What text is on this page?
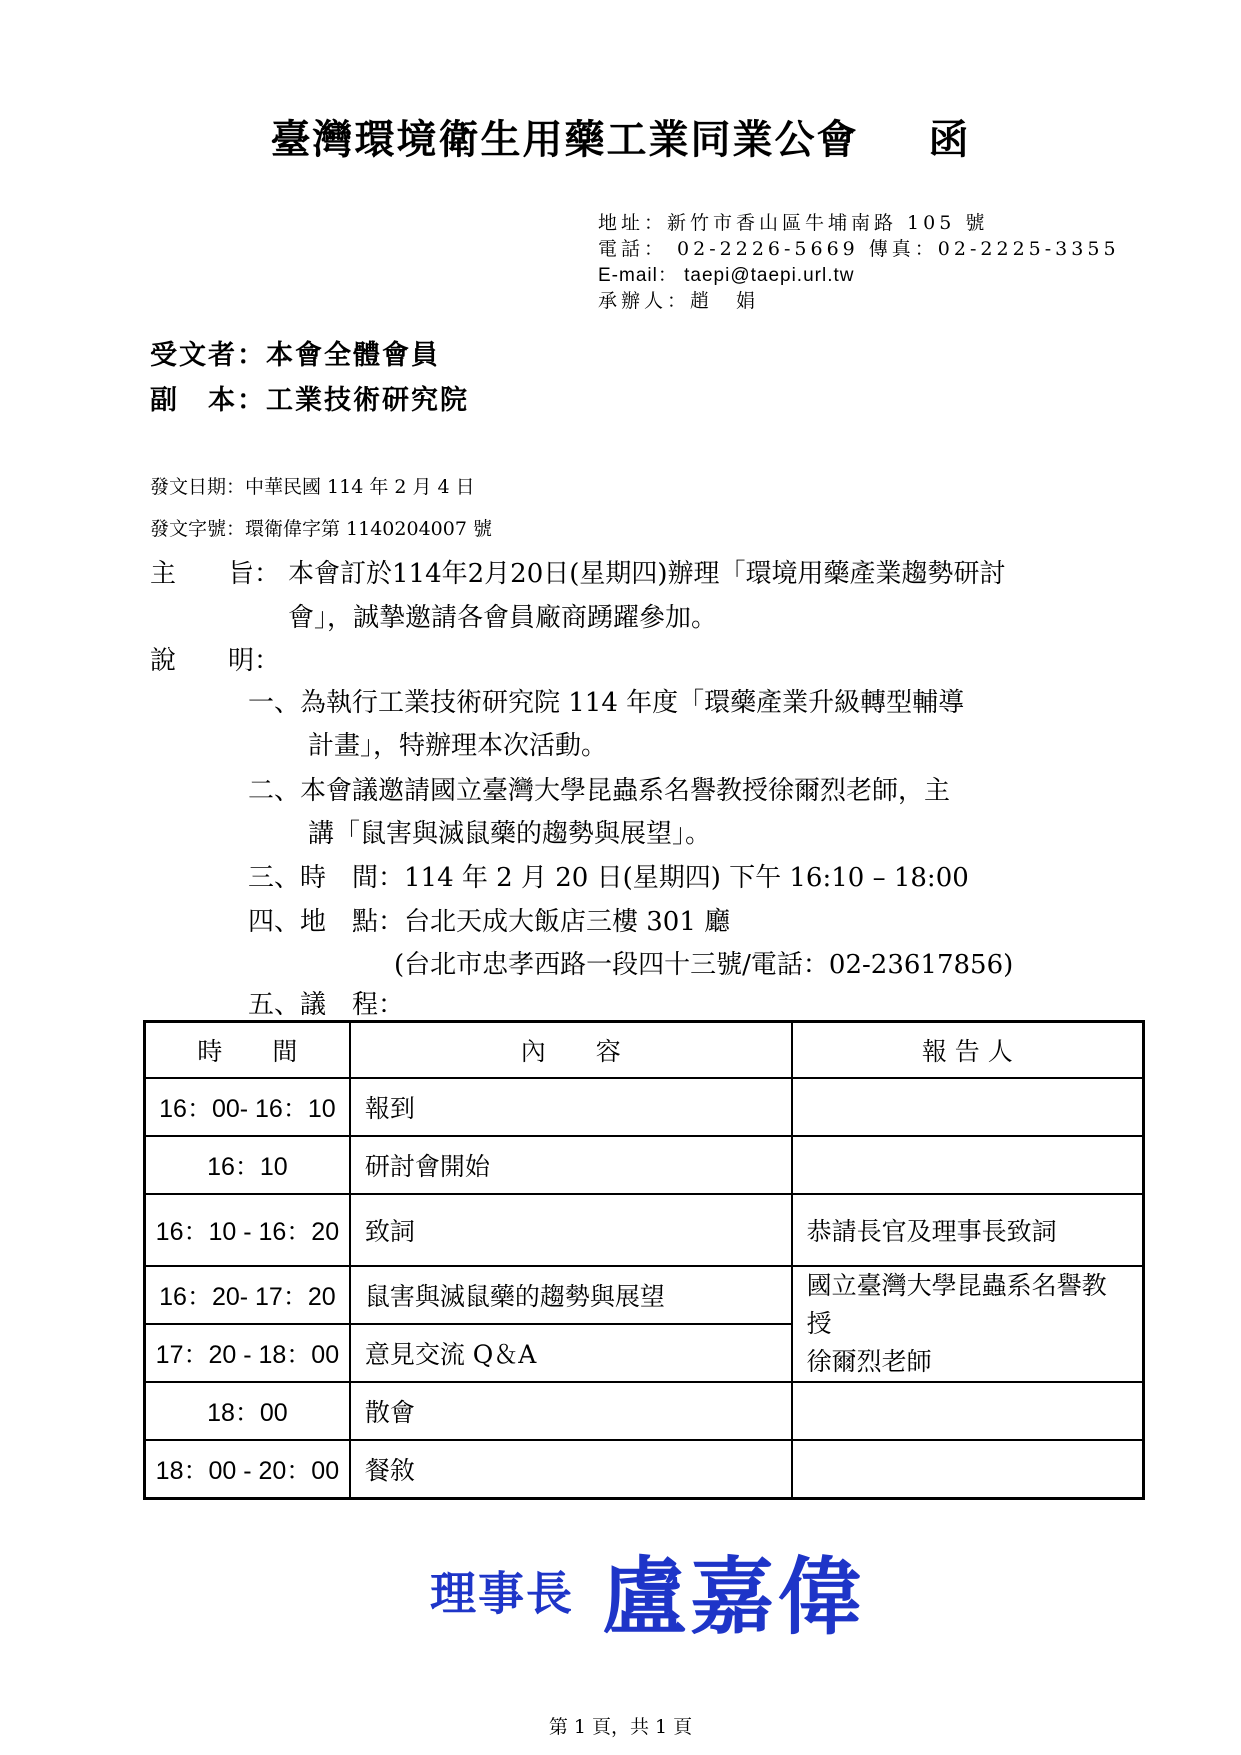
臺灣環境衛生用藥工業同業公會 函
地址：新竹市香山區牛埔南路 105 號
電話： 02-2226-5669 傳真：02-2225-3355
E-mail： taepi@taepi.url.tw
承辦人：趙　娟
受文者：本會全體會員
副　本：工業技術研究院
發文日期：中華民國 114 年 2 月 4 日
發文字號：環衛偉字第 1140204007 號
主　　旨： 本會訂於114年2月20日(星期四)辦理「環境用藥產業趨勢研討
會」，誠摯邀請各會員廠商踴躍參加。
說　　明：
一、為執行工業技術研究院 114 年度「環藥產業升級轉型輔導
計畫」，特辦理本次活動。
二、本會議邀請國立臺灣大學昆蟲系名譽教授徐爾烈老師，主
講「鼠害與滅鼠藥的趨勢與展望」。
三、時　間：114 年 2 月 20 日(星期四) 下午 16:10 – 18:00
四、地　點：台北天成大飯店三樓 301 廳
(台北市忠孝西路一段四十三號/電話：02-23617856)
五、議　程：
時　　間	內　　容	報 告 人
16：00- 16：10	報到	
16：10	研討會開始	
16：10 - 16：20	致詞	恭請長官及理事長致詞
16：20- 17：20	鼠害與滅鼠藥的趨勢與展望	國立臺灣大學昆蟲系名譽教授
徐爾烈老師
17：20 - 18：00	意見交流 Q＆A	
18：00	散會	
18：00 - 20：00	餐敘	
理事長 盧嘉偉
第 1 頁，共 1 頁
